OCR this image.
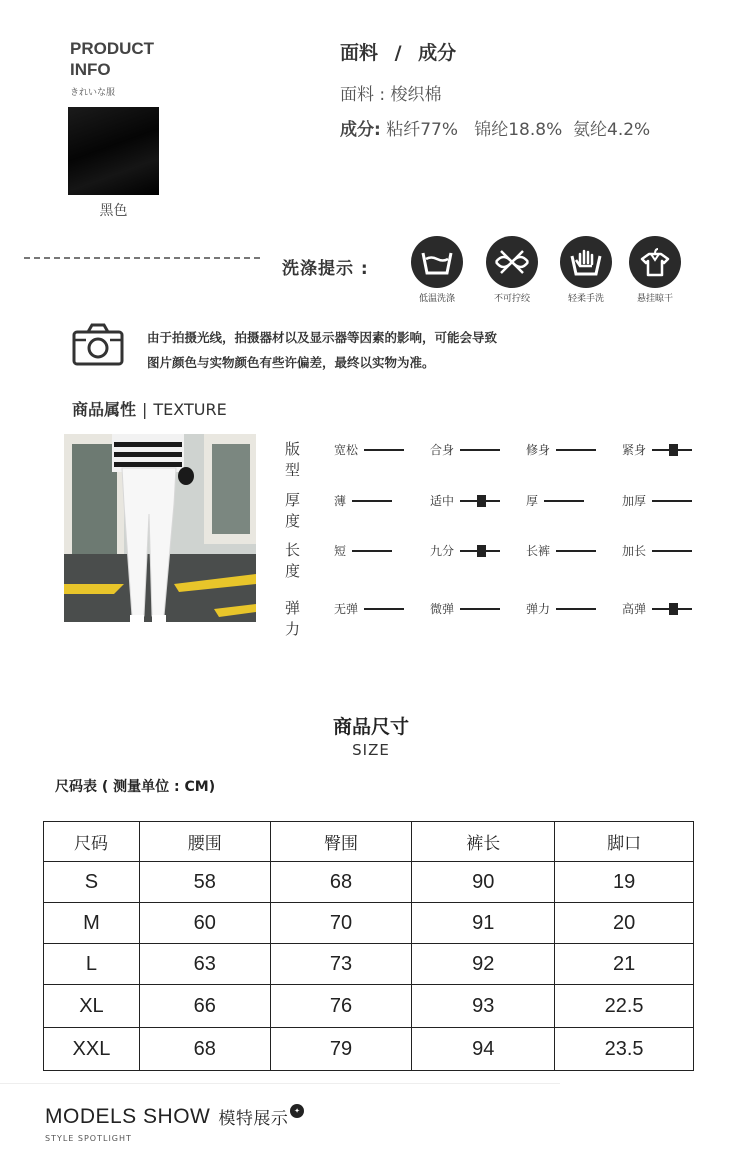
PRODUCT
INFO
きれいな服
黑色
面料 / 成分
面料 : 梭织棉
成分: 粘纤77%   锦纶18.8%  氨纶4.2%
洗涤提示 :
低温洗涤	不可拧绞	轻柔手洗	悬挂晾干
由于拍摄光线，拍摄器材以及显示器等因素的影响，可能会导致
图片颜色与实物颜色有些许偏差，最终以实物为准。
商品属性 | TEXTURE
版型
宽松	合身	修身	紧身
厚度
薄	适中	厚	加厚
长度
短	九分	长裤	加长
弹力
无弹	微弹	弹力	高弹
商品尺寸
SIZE
尺码表 ( 测量单位 : CM)
尺码	腰围	臀围	裤长	脚口
S	58	68	90	19
M	60	70	91	20
L	63	73	92	21
XL	66	76	93	22.5
XXL	68	79	94	23.5
MODELS SHOW 模特展示 ✦
STYLE SPOTLIGHT
